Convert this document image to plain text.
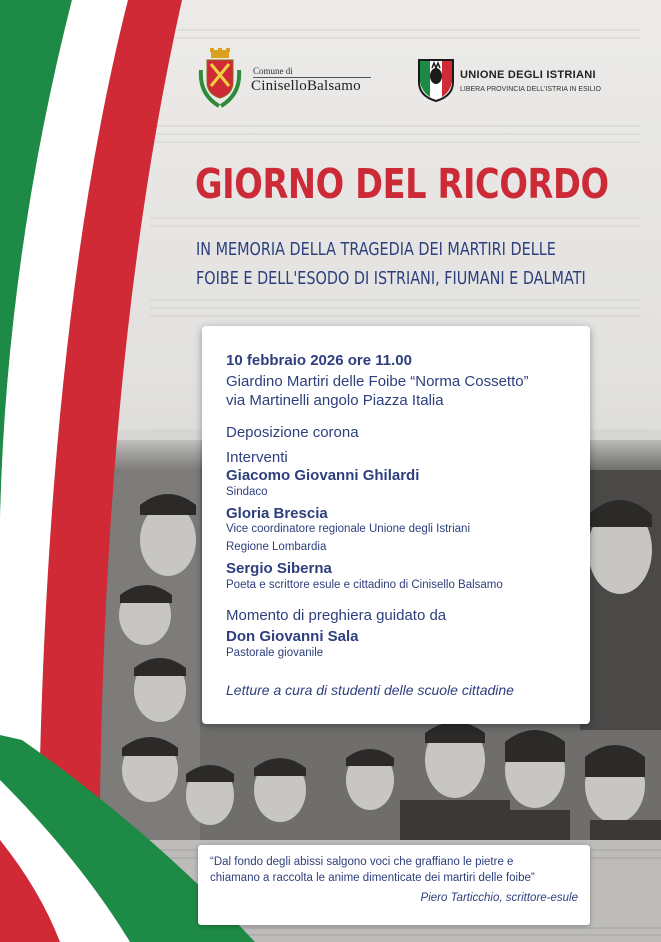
Comune di
CiniselloBalsamo
UNIONE DEGLI ISTRIANI
LIBERA PROVINCIA DELL'ISTRIA IN ESILIO
GIORNO DEL RICORDO
IN MEMORIA DELLA TRAGEDIA DEI MARTIRI DELLE
FOIBE E DELL'ESODO DI ISTRIANI, FIUMANI E DALMATI
10 febbraio 2026 ore 11.00
Giardino Martiri delle Foibe “Norma Cossetto”
via Martinelli angolo Piazza Italia
Deposizione corona
Interventi
Giacomo Giovanni Ghilardi
Sindaco
Gloria Brescia
Vice coordinatore regionale Unione degli Istriani
Regione Lombardia
Sergio Siberna
Poeta e scrittore esule e cittadino di Cinisello Balsamo
Momento di preghiera guidato da
Don Giovanni Sala
Pastorale giovanile
Letture a cura di studenti delle scuole cittadine
“Dal fondo degli abissi salgono voci che graffiano le pietre e
chiamano a raccolta le anime dimenticate dei martiri delle foibe”
Piero Tarticchio, scrittore-esule
